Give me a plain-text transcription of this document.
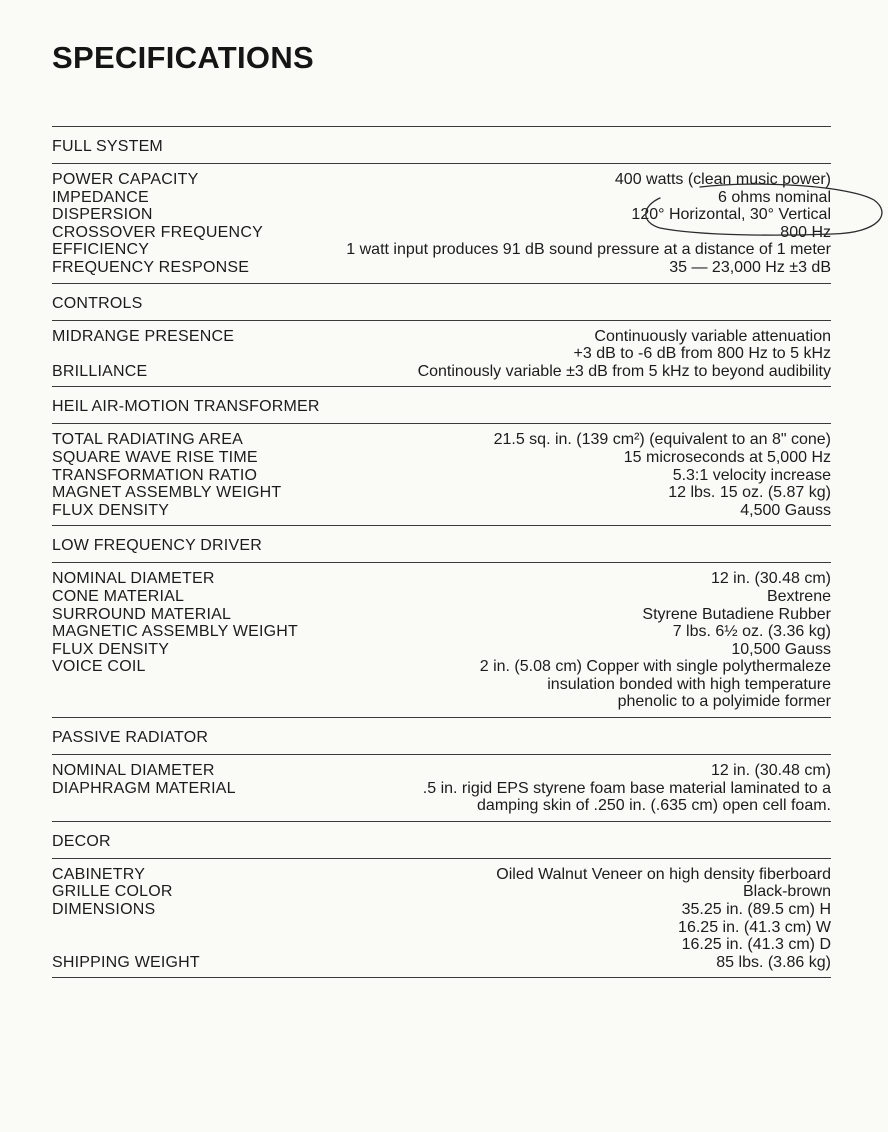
SPECIFICATIONS
FULL SYSTEM
POWER CAPACITY	400 watts (clean music power)
IMPEDANCE	6 ohms nominal
DISPERSION	120° Horizontal, 30° Vertical
CROSSOVER FREQUENCY	800 Hz
EFFICIENCY	1 watt input produces 91 dB sound pressure at a distance of 1 meter
FREQUENCY RESPONSE	35 — 23,000 Hz ±3 dB
CONTROLS
MIDRANGE PRESENCE	Continuously variable attenuation
+3 dB to -6 dB from 800 Hz to 5 kHz
BRILLIANCE	Continously variable ±3 dB from 5 kHz to beyond audibility
HEIL AIR-MOTION TRANSFORMER
TOTAL RADIATING AREA	21.5 sq. in. (139 cm²) (equivalent to an 8" cone)
SQUARE WAVE RISE TIME	15 microseconds at 5,000 Hz
TRANSFORMATION RATIO	5.3:1 velocity increase
MAGNET ASSEMBLY WEIGHT	12 lbs. 15 oz. (5.87 kg)
FLUX DENSITY	4,500 Gauss
LOW FREQUENCY DRIVER
NOMINAL DIAMETER	12 in. (30.48 cm)
CONE MATERIAL	Bextrene
SURROUND MATERIAL	Styrene Butadiene Rubber
MAGNETIC ASSEMBLY WEIGHT	7 lbs. 6½ oz. (3.36 kg)
FLUX DENSITY	10,500 Gauss
VOICE COIL	2 in. (5.08 cm) Copper with single polythermaleze
insulation bonded with high temperature
phenolic to a polyimide former
PASSIVE RADIATOR
NOMINAL DIAMETER	12 in. (30.48 cm)
DIAPHRAGM MATERIAL	.5 in. rigid EPS styrene foam base material laminated to a
damping skin of .250 in. (.635 cm) open cell foam.
DECOR
CABINETRY	Oiled Walnut Veneer on high density fiberboard
GRILLE COLOR	Black-brown
DIMENSIONS	35.25 in. (89.5 cm) H
16.25 in. (41.3 cm) W
16.25 in. (41.3 cm) D
SHIPPING WEIGHT	85 lbs. (3.86 kg)
